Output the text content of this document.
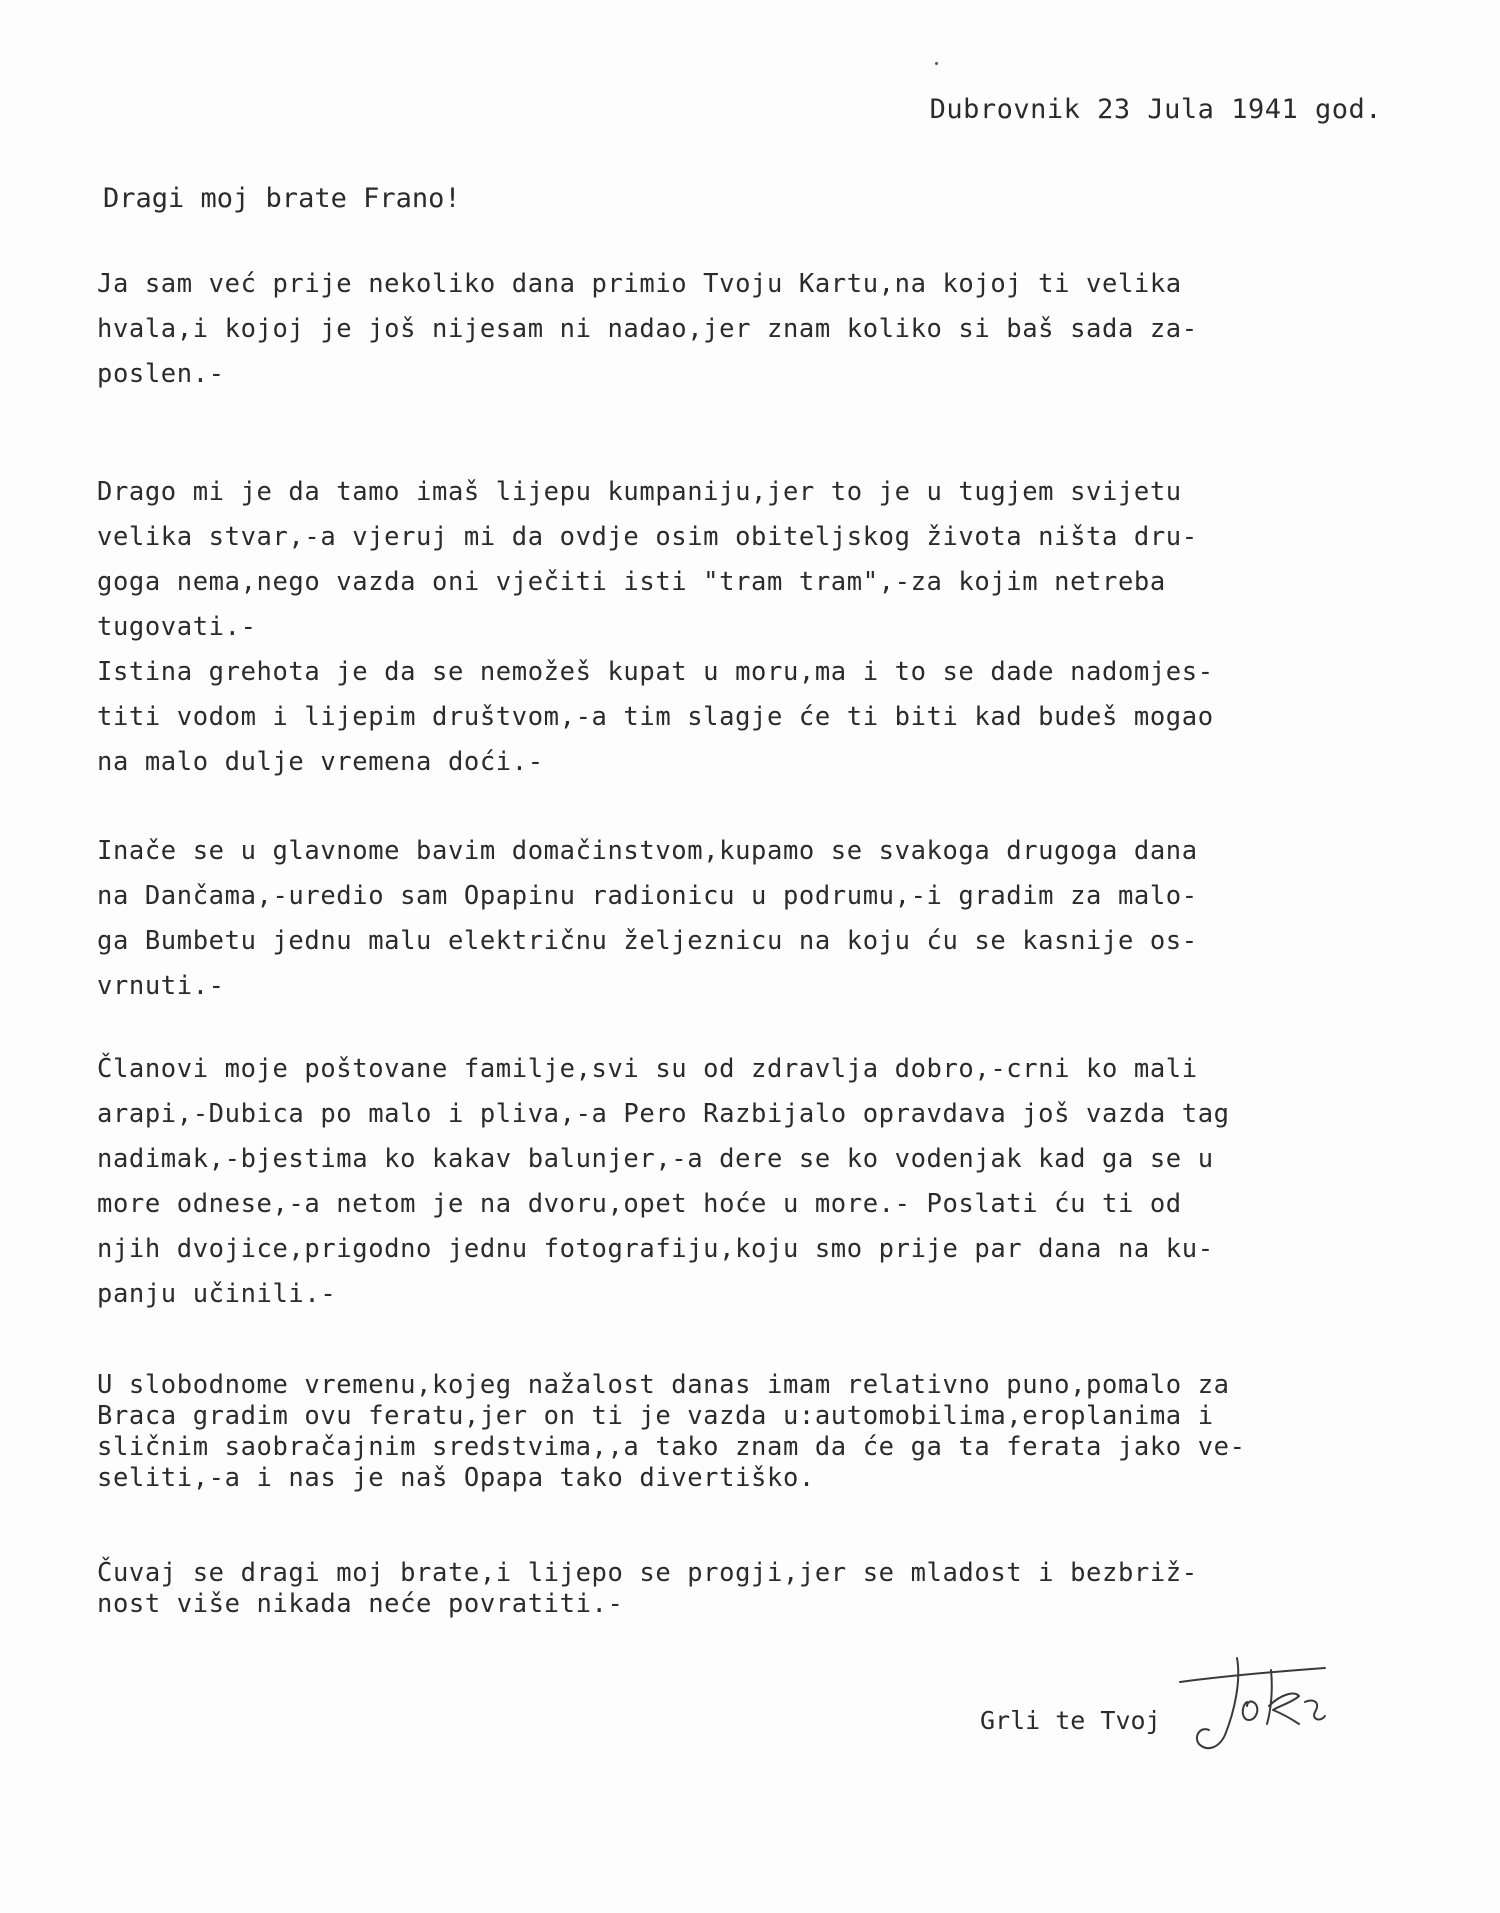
Dubrovnik 23 Jula 1941 god.
Dragi moj brate Frano!

Ja sam već prije nekoliko dana primio Tvoju Kartu,na kojoj ti velika
hvala,i kojoj je još nijesam ni nadao,jer znam koliko si baš sada za-
poslen.-

Drago mi je da tamo imaš lijepu kumpaniju,jer to je u tugjem svijetu
velika stvar,-a vjeruj mi da ovdje osim obiteljskog života ništa dru-
goga nema,nego vazda oni vječiti isti "tram tram",-za kojim netreba
tugovati.-
Istina grehota je da se nemožeš kupat u moru,ma i to se dade nadomjes-
titi vodom i lijepim društvom,-a tim slagje će ti biti kad budeš mogao
na malo dulje vremena doći.-

Inače se u glavnome bavim domačinstvom,kupamo se svakoga drugoga dana
na Dančama,-uredio sam Opapinu radionicu u podrumu,-i gradim za malo-
ga Bumbetu jednu malu električnu željeznicu na koju ću se kasnije os-
vrnuti.-

Članovi moje poštovane familje,svi su od zdravlja dobro,-crni ko mali
arapi,-Dubica po malo i pliva,-a Pero Razbijalo opravdava još vazda tag
nadimak,-bjestima ko kakav balunjer,-a dere se ko vodenjak kad ga se u
more odnese,-a netom je na dvoru,opet hoće u more.- Poslati ću ti od
njih dvojice,prigodno jednu fotografiju,koju smo prije par dana na ku-
panju učinili.-

U slobodnome vremenu,kojeg nažalost danas imam relativno puno,pomalo za
Braca gradim ovu feratu,jer on ti je vazda u:automobilima,eroplanima i
sličnim saobračajnim sredstvima,,a tako znam da će ga ta ferata jako ve-
seliti,-a i nas je naš Opapa tako divertiško.

Čuvaj se dragi moj brate,i lijepo se progji,jer se mladost i bezbriž-
nost više nikada neće povratiti.-

Grli te Tvoj
